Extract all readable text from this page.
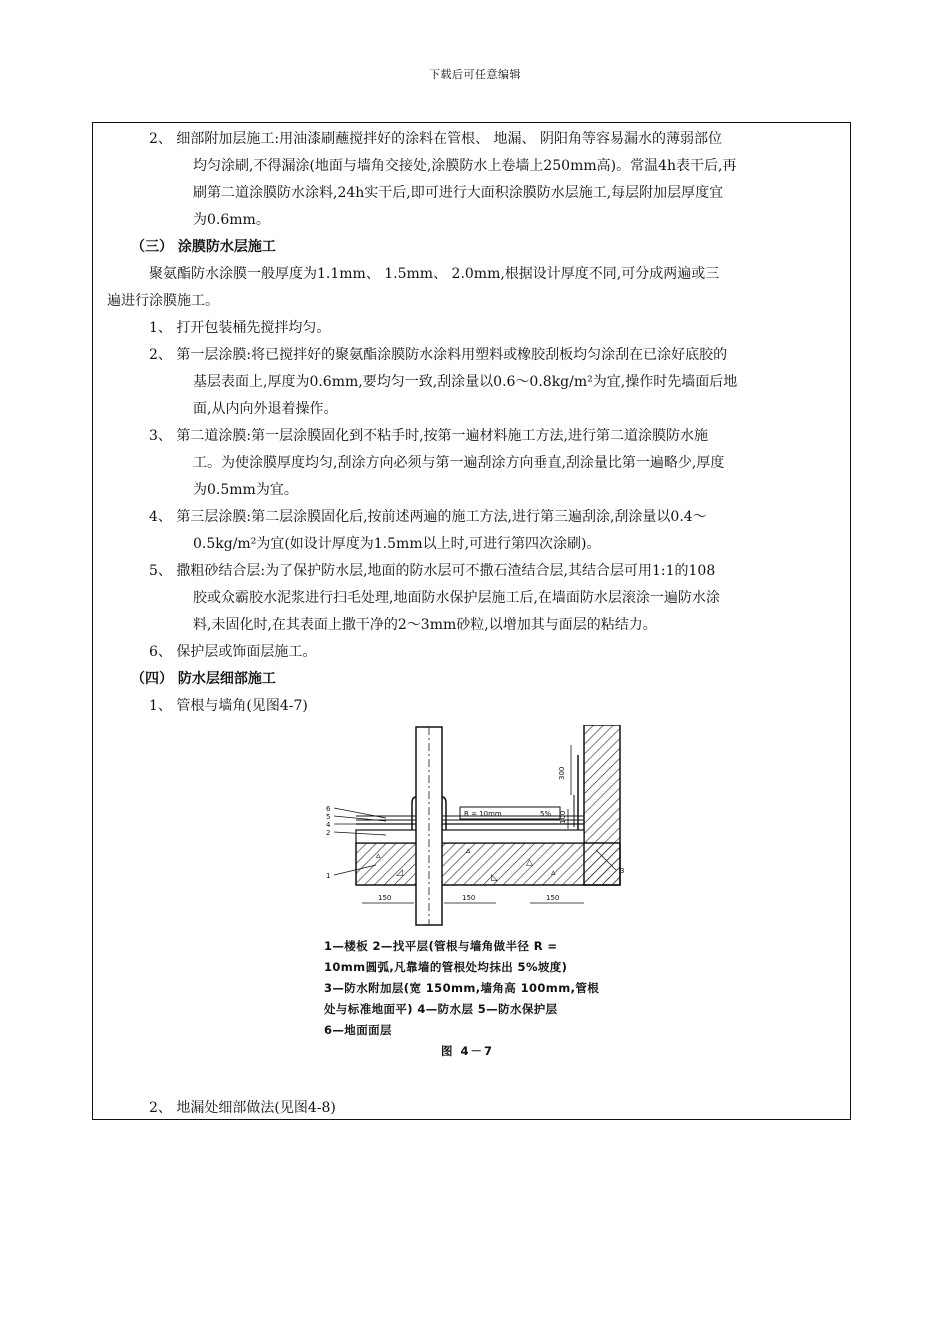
下载后可任意编辑
2、 细部附加层施工:用油漆刷蘸搅拌好的涂料在管根、 地漏、 阴阳角等容易漏水的薄弱部位
均匀涂刷,不得漏涂(地面与墙角交接处,涂膜防水上卷墙上250mm高)。常温4h表干后,再
刷第二道涂膜防水涂料,24h实干后,即可进行大面积涂膜防水层施工,每层附加层厚度宜
为0.6mm。
（三） 涂膜防水层施工
聚氨酯防水涂膜一般厚度为1.1mm、 1.5mm、 2.0mm,根据设计厚度不同,可分成两遍或三
遍进行涂膜施工。
1、 打开包装桶先搅拌均匀。
2、 第一层涂膜:将已搅拌好的聚氨酯涂膜防水涂料用塑料或橡胶刮板均匀涂刮在已涂好底胶的
基层表面上,厚度为0.6mm,要均匀一致,刮涂量以0.6～0.8kg/m²为宜,操作时先墙面后地
面,从内向外退着操作。
3、 第二道涂膜:第一层涂膜固化到不粘手时,按第一遍材料施工方法,进行第二道涂膜防水施
工。为使涂膜厚度均匀,刮涂方向必须与第一遍刮涂方向垂直,刮涂量比第一遍略少,厚度
为0.5mm为宜。
4、 第三层涂膜:第二层涂膜固化后,按前述两遍的施工方法,进行第三遍刮涂,刮涂量以0.4～
0.5kg/m²为宜(如设计厚度为1.5mm以上时,可进行第四次涂刷)。
5、 撒粗砂结合层:为了保护防水层,地面的防水层可不撒石渣结合层,其结合层可用1:1的108
胶或众霸胶水泥浆进行扫毛处理,地面防水保护层施工后,在墙面防水层滚涂一遍防水涂
料,未固化时,在其表面上撒干净的2～3mm砂粒,以增加其与面层的粘结力。
6、 保护层或饰面层施工。
（四） 防水层细部施工
1、 管根与墙角(见图4-7)
▵	▵
△
◿	▵
◺
150	150	150
300
100
R = 10mm	5%
6
5
4
2
1
3
1—楼板 2—找平层(管根与墙角做半径 R =
10mm圆弧,凡靠墙的管根处均抹出 5%坡度)
3—防水附加层(宽 150mm,墙角高 100mm,管根
处与标准地面平) 4—防水层 5—防水保护层
6—地面面层
图 4－7
2、 地漏处细部做法(见图4-8)
